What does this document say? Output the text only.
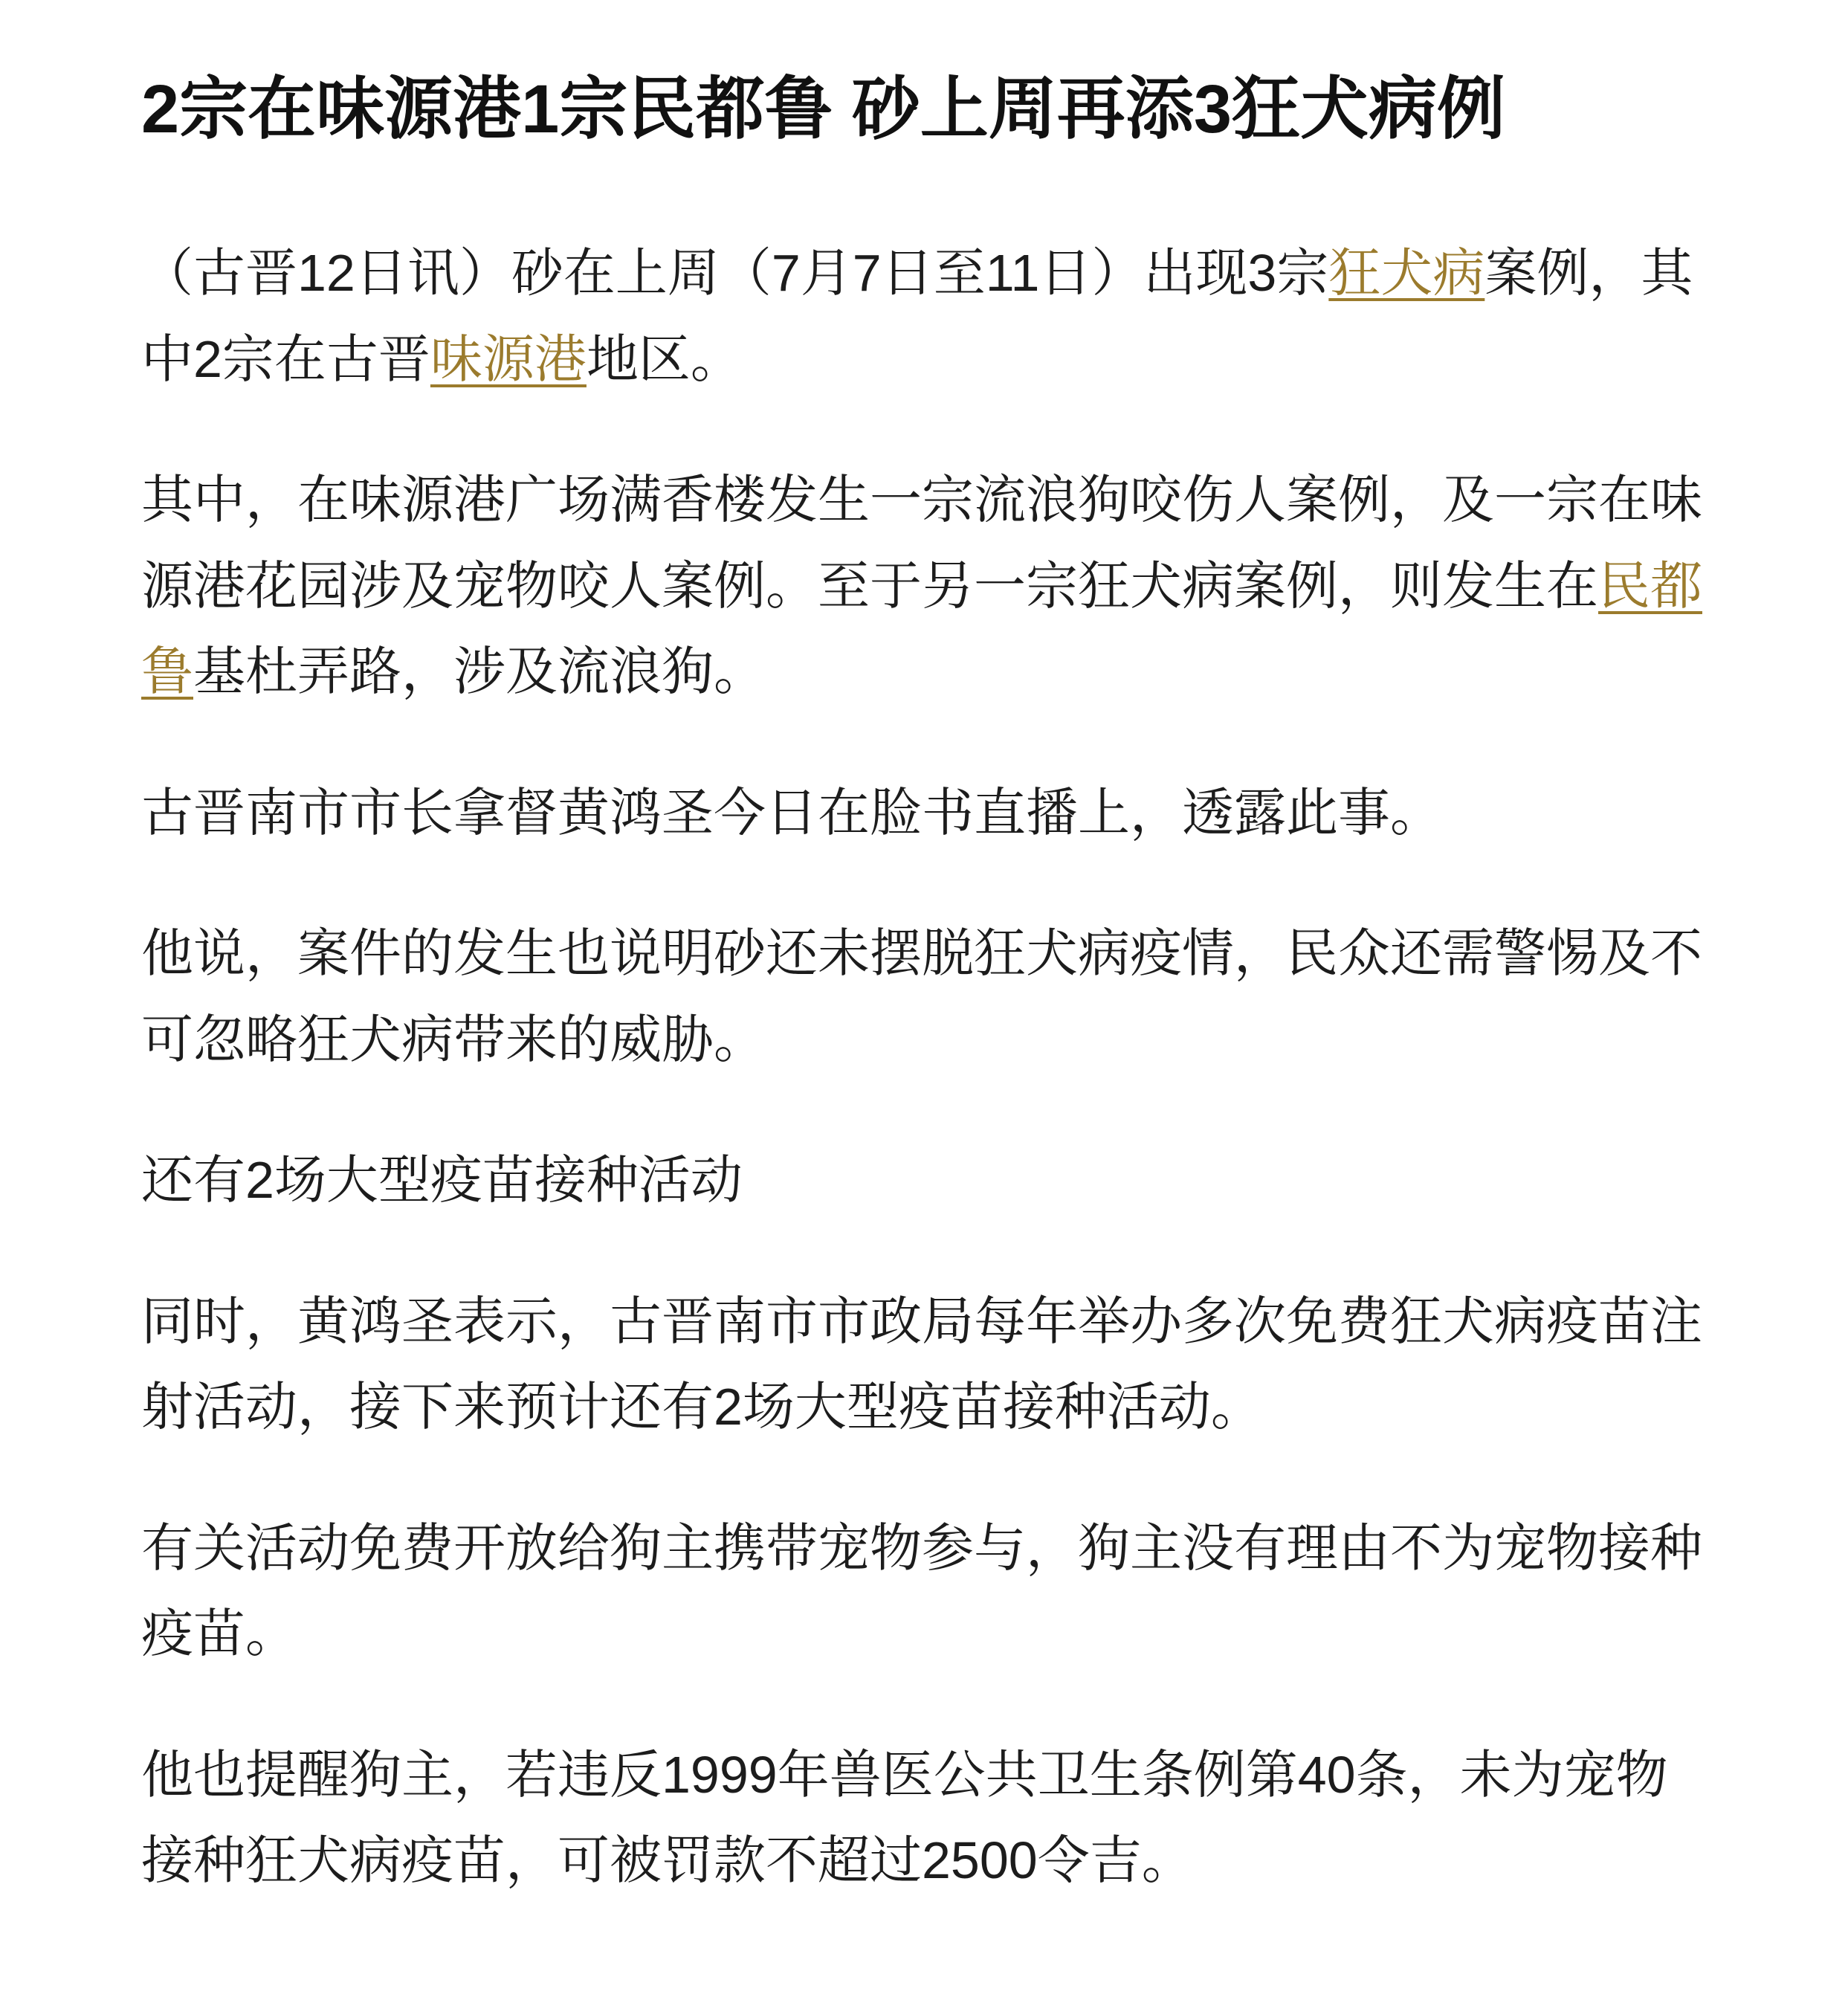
2宗在味源港1宗民都鲁 砂上周再添3狂犬病例

（古晋12日讯）砂在上周（7月7日至11日）出现3宗狂犬病案例，其中2宗在古晋味源港地区。

其中，在味源港广场满香楼发生一宗流浪狗咬伤人案例，及一宗在味源港花园涉及宠物咬人案例。至于另一宗狂犬病案例，则发生在民都鲁基杜弄路，涉及流浪狗。

古晋南市市长拿督黄鸿圣今日在脸书直播上，透露此事。

他说，案件的发生也说明砂还未摆脱狂犬病疫情，民众还需警惕及不可忽略狂犬病带来的威胁。

还有2场大型疫苗接种活动

同时，黄鸿圣表示，古晋南市市政局每年举办多次免费狂犬病疫苗注射活动，接下来预计还有2场大型疫苗接种活动。

有关活动免费开放给狗主携带宠物参与，狗主没有理由不为宠物接种疫苗。

他也提醒狗主，若违反1999年兽医公共卫生条例第40条，未为宠物接种狂犬病疫苗，可被罚款不超过2500令吉。
